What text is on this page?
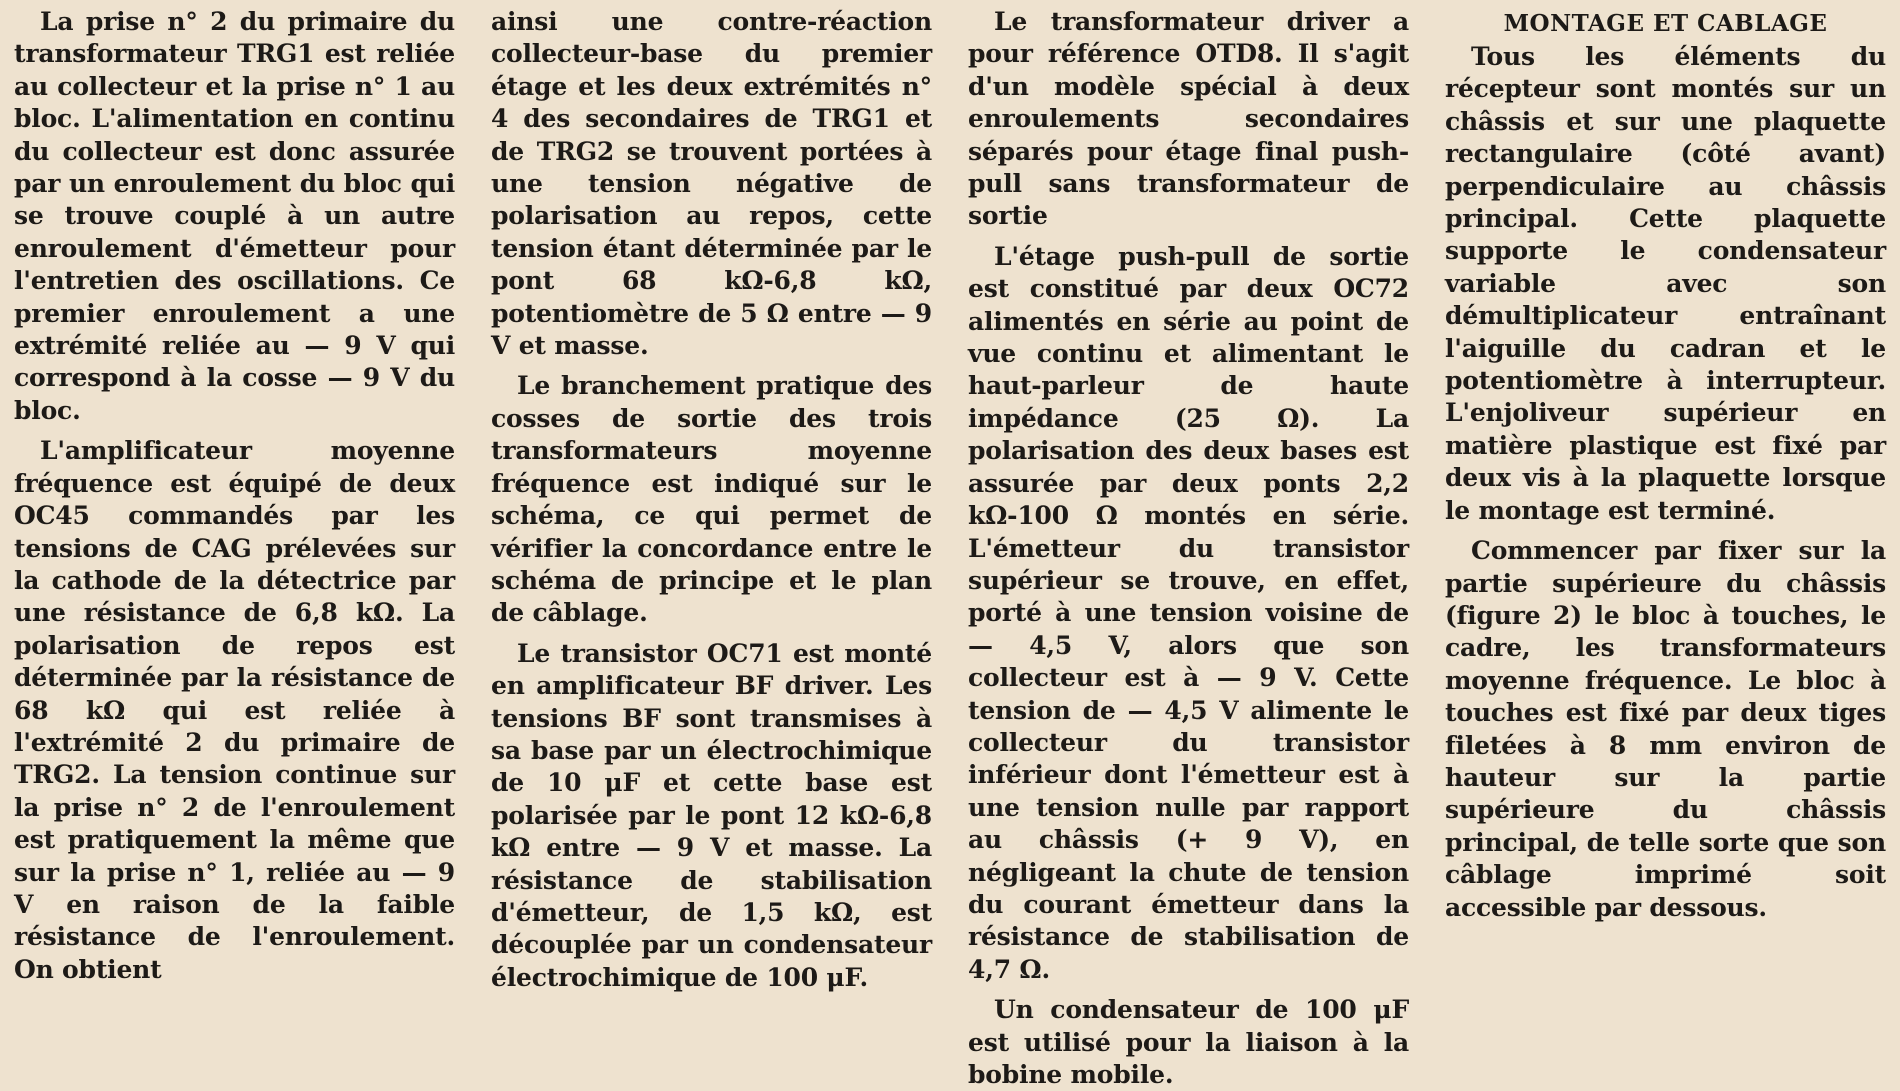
La prise n° 2 du primaire du transformateur TRG1 est reliée au collecteur et la prise n° 1 au bloc. L'alimentation en continu du collecteur est donc assurée par un enroulement du bloc qui se trouve couplé à un autre enroulement d'émetteur pour l'entretien des oscillations. Ce premier enroulement a une extrémité reliée au — 9 V qui correspond à la cosse — 9 V du bloc.

L'amplificateur moyenne fréquence est équipé de deux OC45 commandés par les tensions de CAG prélevées sur la cathode de la détectrice par une résistance de 6,8 kΩ. La polarisation de repos est déterminée par la résistance de 68 kΩ qui est reliée à l'extrémité 2 du primaire de TRG2. La tension continue sur la prise n° 2 de l'enroulement est pratiquement la même que sur la prise n° 1, reliée au — 9 V en raison de la faible résistance de l'enroulement. On obtient

ainsi une contre-réaction collecteur-base du premier étage et les deux extrémités n° 4 des secondaires de TRG1 et de TRG2 se trouvent portées à une tension négative de polarisation au repos, cette tension étant déterminée par le pont 68 kΩ-6,8 kΩ, potentiomètre de 5 Ω entre — 9 V et masse.

Le branchement pratique des cosses de sortie des trois transformateurs moyenne fréquence est indiqué sur le schéma, ce qui permet de vérifier la concordance entre le schéma de principe et le plan de câblage.

Le transistor OC71 est monté en amplificateur BF driver. Les tensions BF sont transmises à sa base par un électrochimique de 10 μF et cette base est polarisée par le pont 12 kΩ-6,8 kΩ entre — 9 V et masse. La résistance de stabilisation d'émetteur, de 1,5 kΩ, est découplée par un condensateur électrochimique de 100 μF.

Le transformateur driver a pour référence OTD8. Il s'agit d'un modèle spécial à deux enroulements secondaires séparés pour étage final push-pull sans transformateur de sortie

L'étage push-pull de sortie est constitué par deux OC72 alimentés en série au point de vue continu et alimentant le haut-parleur de haute impédance (25 Ω). La polarisation des deux bases est assurée par deux ponts 2,2 kΩ-100 Ω montés en série. L'émetteur du transistor supérieur se trouve, en effet, porté à une tension voisine de — 4,5 V, alors que son collecteur est à — 9 V. Cette tension de — 4,5 V alimente le collecteur du transistor inférieur dont l'émetteur est à une tension nulle par rapport au châssis (+ 9 V), en négligeant la chute de tension du courant émetteur dans la résistance de stabilisation de 4,7 Ω.

Un condensateur de 100 μF est utilisé pour la liaison à la bobine mobile.

MONTAGE ET CABLAGE

Tous les éléments du récepteur sont montés sur un châssis et sur une plaquette rectangulaire (côté avant) perpendiculaire au châssis principal. Cette plaquette supporte le condensateur variable avec son démultiplicateur entraînant l'aiguille du cadran et le potentiomètre à interrupteur. L'enjoliveur supérieur en matière plastique est fixé par deux vis à la plaquette lorsque le montage est terminé.

Commencer par fixer sur la partie supérieure du châssis (figure 2) le bloc à touches, le cadre, les transformateurs moyenne fréquence. Le bloc à touches est fixé par deux tiges filetées à 8 mm environ de hauteur sur la partie supérieure du châssis principal, de telle sorte que son câblage imprimé soit accessible par dessous.
